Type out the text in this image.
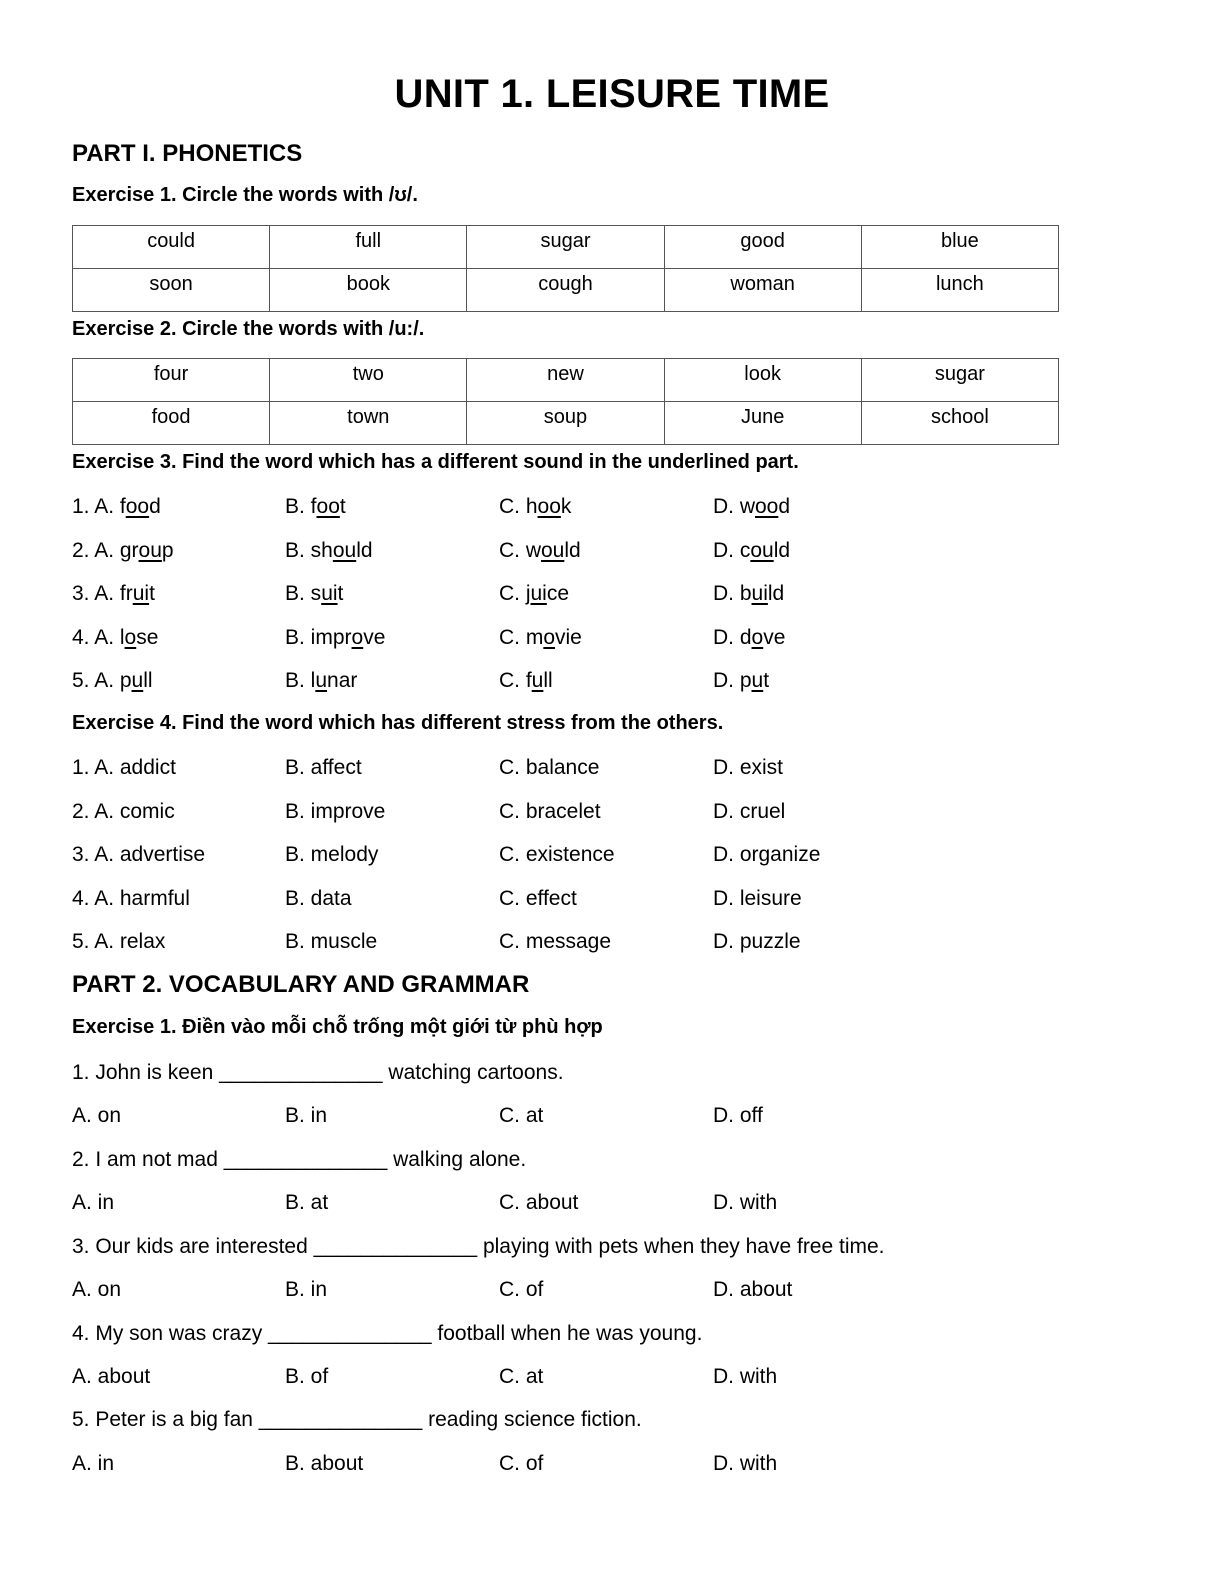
UNIT 1. LEISURE TIME
PART I. PHONETICS
Exercise 1. Circle the words with /ʊ/.
could	full	sugar	good	blue
soon	book	cough	woman	lunch
Exercise 2. Circle the words with /u:/.
four	two	new	look	sugar
food	town	soup	June	school
Exercise 3. Find the word which has a different sound in the underlined part.
1. A. food	B. foot	C. hook	D. wood
2. A. group	B. should	C. would	D. could
3. A. fruit	B. suit	C. juice	D. build
4. A. lose	B. improve	C. movie	D. dove
5. A. pull	B. lunar	C. full	D. put
Exercise 4. Find the word which has different stress from the others.
1. A. addict	B. affect	C. balance	D. exist
2. A. comic	B. improve	C. bracelet	D. cruel
3. A. advertise	B. melody	C. existence	D. organize
4. A. harmful	B. data	C. effect	D. leisure
5. A. relax	B. muscle	C. message	D. puzzle
PART 2. VOCABULARY AND GRAMMAR
Exercise 1. Điền vào mỗi chỗ trống một giới từ phù hợp
1. John is keen ______________ watching cartoons.
A. on	B. in	C. at	D. off
2. I am not mad ______________ walking alone.
A. in	B. at	C. about	D. with
3. Our kids are interested ______________ playing with pets when they have free time.
A. on	B. in	C. of	D. about
4. My son was crazy ______________ football when he was young.
A. about	B. of	C. at	D. with
5. Peter is a big fan ______________ reading science fiction.
A. in	B. about	C. of	D. with
